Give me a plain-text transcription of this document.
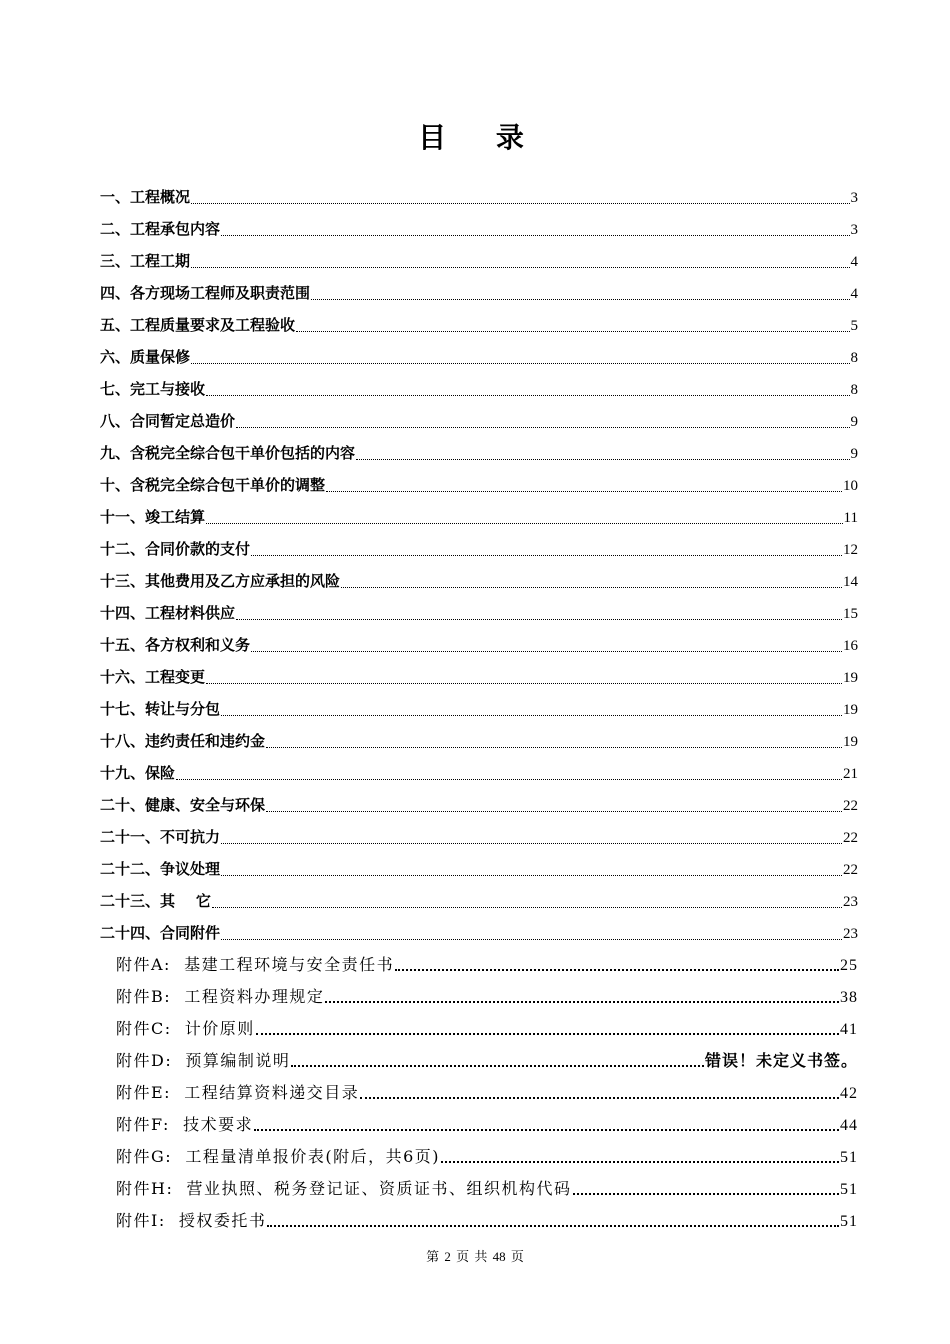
目 录
一、工程概况	3
二、工程承包内容	3
三、工程工期	4
四、各方现场工程师及职责范围	4
五、工程质量要求及工程验收	5
六、质量保修	8
七、完工与接收	8
八、合同暂定总造价	9
九、含税完全综合包干单价包括的内容	9
十、含税完全综合包干单价的调整	10
十一、竣工结算	11
十二、合同价款的支付	12
十三、其他费用及乙方应承担的风险	14
十四、工程材料供应	15
十五、各方权利和义务	16
十六、工程变更	19
十七、转让与分包	19
十八、违约责任和违约金	19
十九、保险	21
二十、健康、安全与环保	22
二十一、不可抗力	22
二十二、争议处理	22
二十三、其    它	23
二十四、合同附件	23
附件A:  基建工程环境与安全责任书	25
附件B:  工程资料办理规定	38
附件C:  计价原则	41
附件D:  预算编制说明	错误！未定义书签。
附件E:  工程结算资料递交目录	42
附件F:  技术要求	44
附件G:  工程量清单报价表(附后，共6页)	51
附件H:  营业执照、税务登记证、资质证书、组织机构代码	51
附件I:  授权委托书	51
第 2 页 共 48 页
